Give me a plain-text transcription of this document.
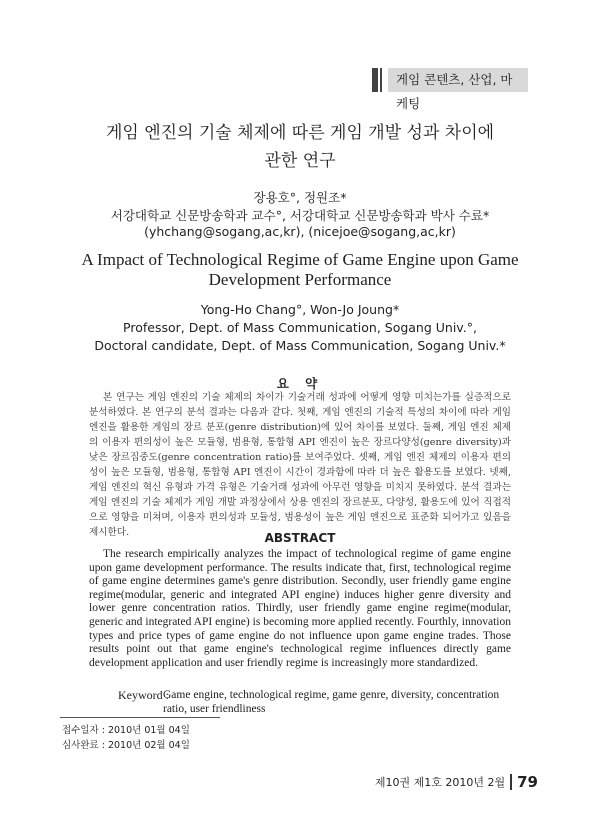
게임 콘텐츠, 산업, 마케팅
게임 엔진의 기술 체제에 따른 게임 개발 성과 차이에
관한 연구
장용호°, 정원조*
서강대학교 신문방송학과 교수°, 서강대학교 신문방송학과 박사 수료*
(yhchang@sogang,ac,kr), (nicejoe@sogang,ac,kr)
A Impact of Technological Regime of Game Engine upon Game
Development Performance
Yong-Ho Chang°, Won-Jo Joung*
Professor, Dept. of Mass Communication, Sogang Univ.°,
Doctoral candidate, Dept. of Mass Communication, Sogang Univ.*
요 약
본 연구는 게임 엔진의 기술 체제의 차이가 기술거래 성과에 어떻게 영향 미치는가를 실증적으로 분석하였다. 본 연구의 분석 결과는 다음과 같다. 첫째, 게임 엔진의 기술적 특성의 차이에 따라 게임 엔진을 활용한 게임의 장르 분포(genre distribution)에 있어 차이를 보였다. 둘째, 게임 엔진 체제의 이용자 편의성이 높은 모듈형, 범용형, 통합형 API 엔진이 높은 장르다양성(genre diversity)과 낮은 장르집중도(genre concentration ratio)를 보여주었다. 셋째, 게임 엔진 체제의 이용자 편의성이 높은 모듈형, 범용형, 통합형 API 엔진이 시간이 경과함에 따라 더 높은 활용도를 보였다. 넷째, 게임 엔진의 혁신 유형과 가격 유형은 기술거래 성과에 아무런 영향을 미치지 못하였다. 분석 결과는 게임 엔진의 기술 체제가 게임 개발 과정상에서 상용 엔진의 장르분포, 다양성, 활용도에 있어 직접적으로 영향을 미쳐며, 이용자 편의성과 모듈성, 범용성이 높은 게임 엔진으로 표준화 되어가고 있음을 제시한다.	ABSTRACT
The research empirically analyzes the impact of technological regime of game engine upon game development performance. The results indicate that, first, technological regime of game engine determines game's genre distribution. Secondly, user friendly game engine regime(modular, generic and integrated API engine) induces higher genre diversity and lower genre concentration ratios. Thirdly, user friendly game engine regime(modular, generic and integrated API engine) is becoming more applied recently. Fourthly, innovation types and price types of game engine do not influence upon game engine trades. Those results point out that game engine's technological regime influences directly game development application and user friendly regime is increasingly more standardized.
Keyword :
Game engine, technological regime, game genre, diversity, concentration ratio, user friendliness
접수일자 : 2010년 01월 04일
심사완료 : 2010년 02월 04일
제10권 제1호 2010년 2월 79
